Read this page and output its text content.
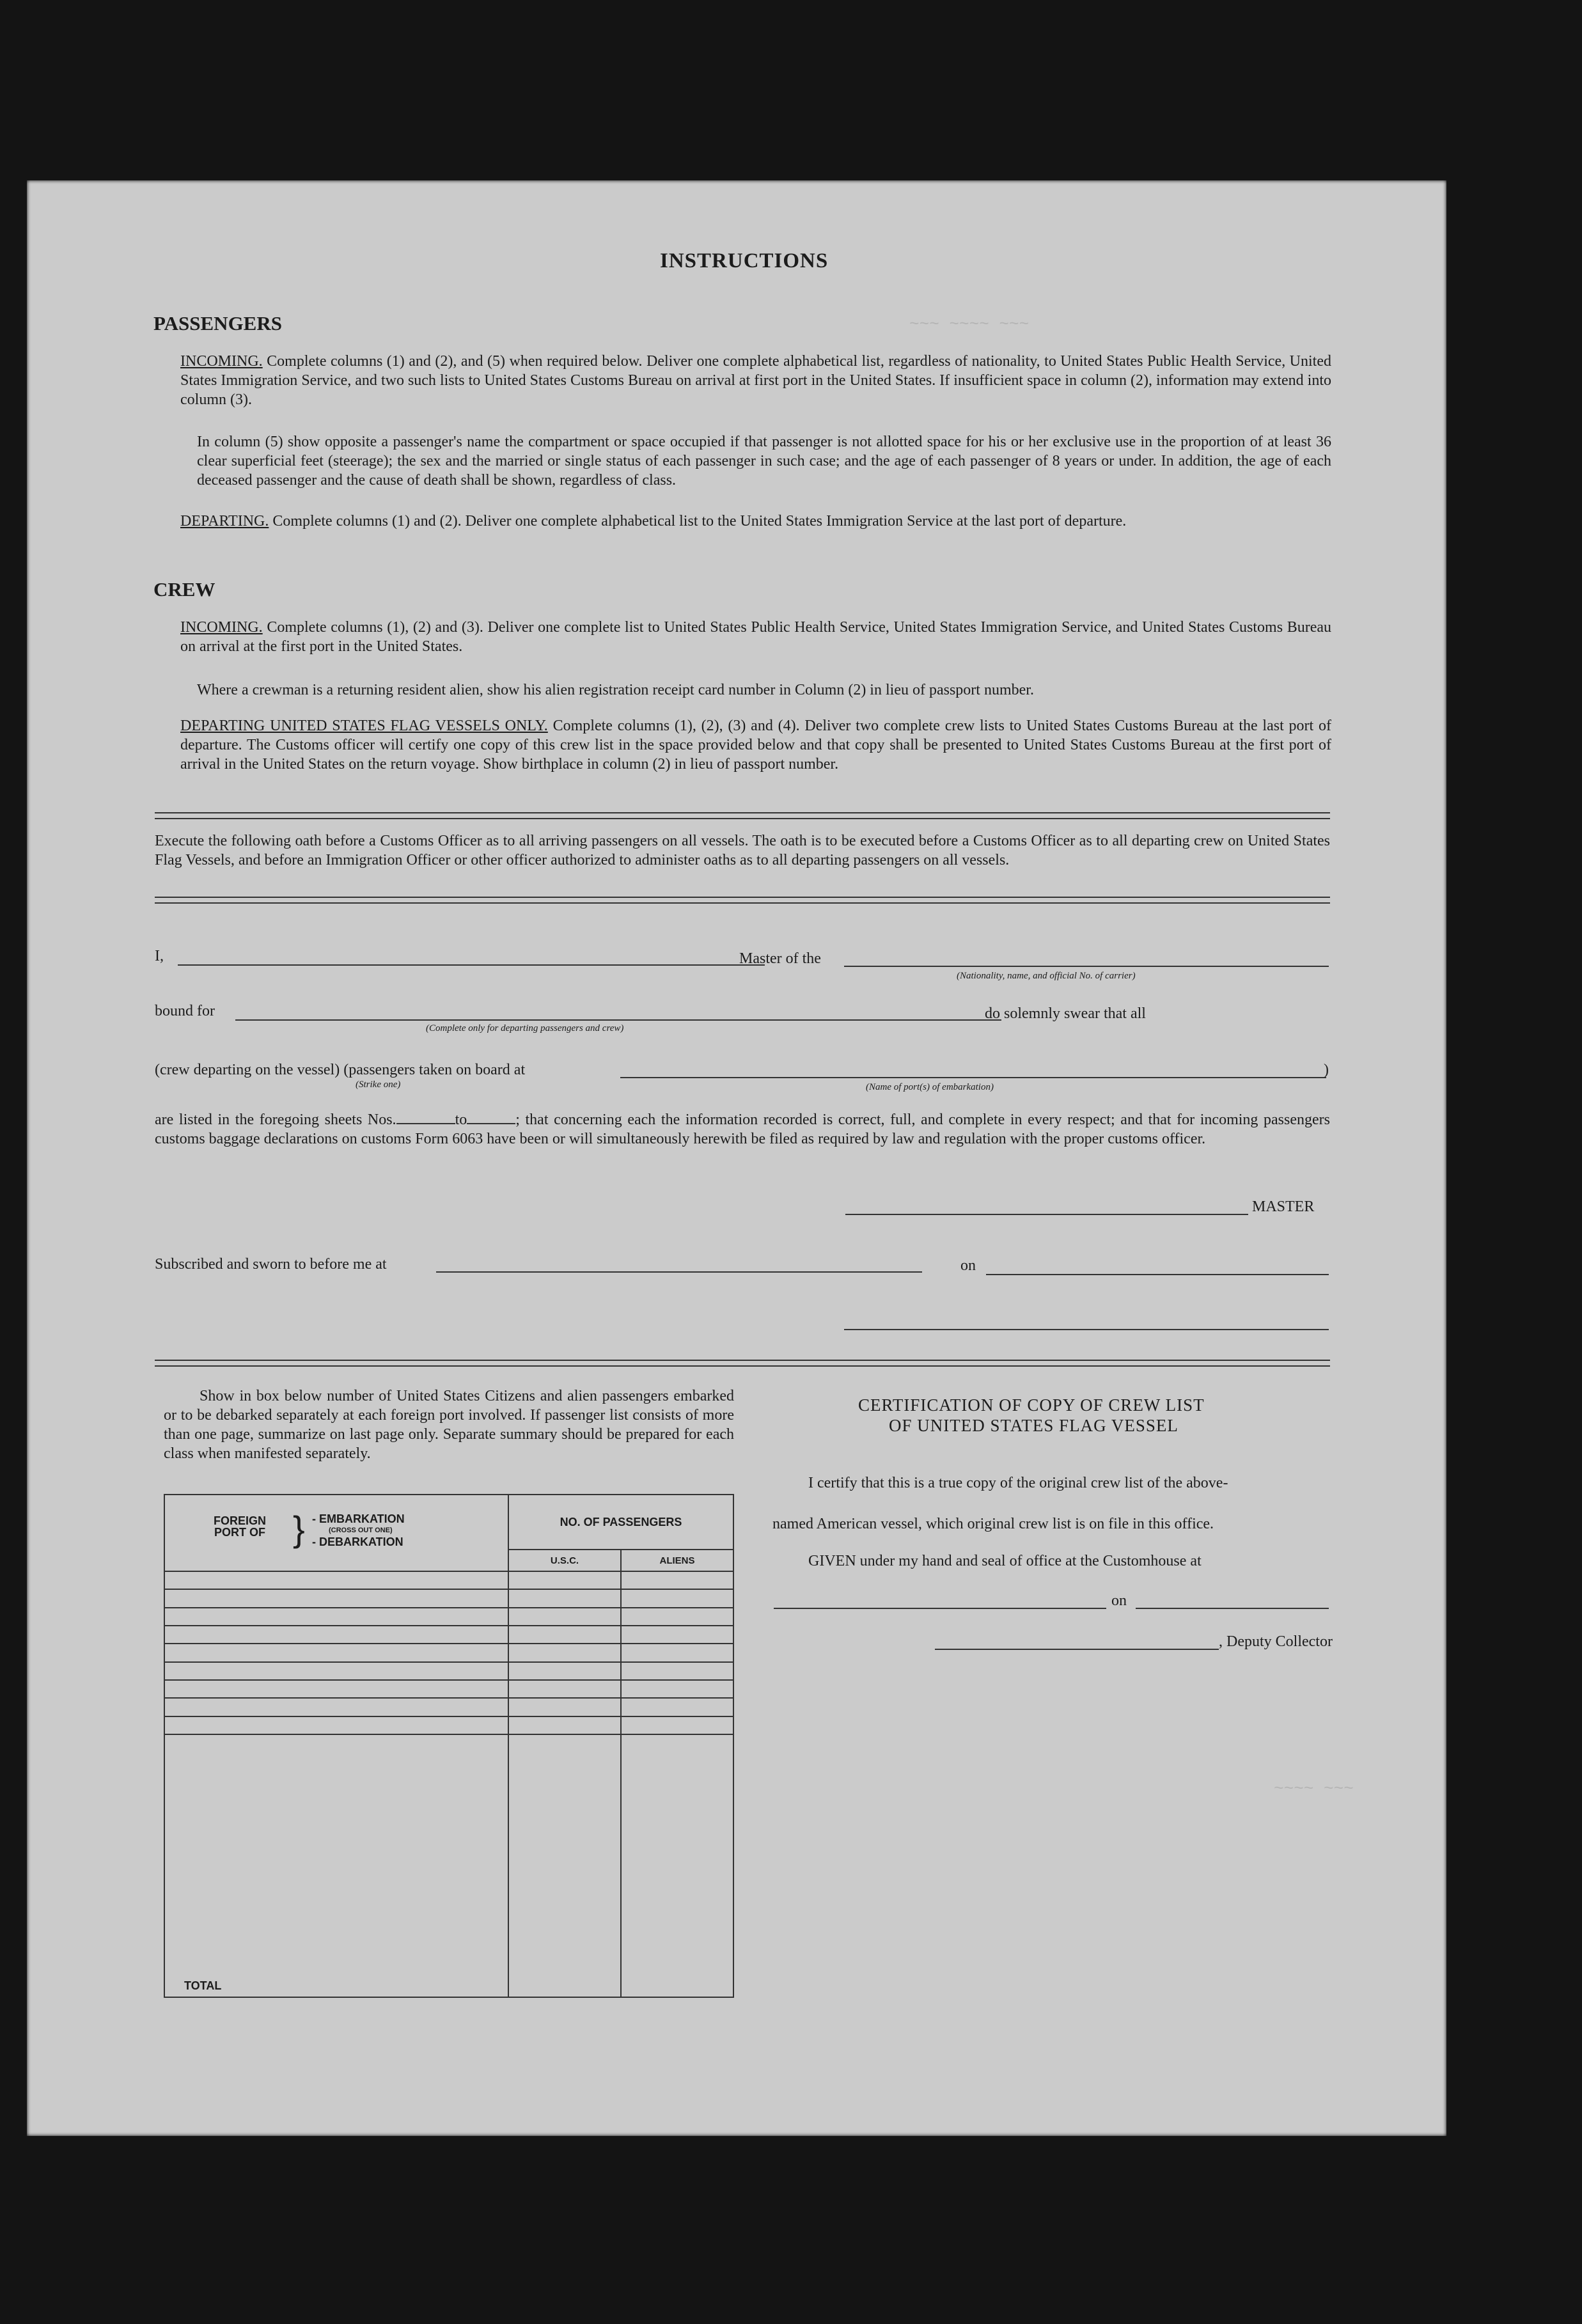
~~~ ~~~~ ~~~
~~~~ ~~~
INSTRUCTIONS
PASSENGERS
INCOMING. Complete columns (1) and (2), and (5) when required below. Deliver one complete alphabetical list, regardless of nationality, to United States Public Health Service, United States Immigration Service, and two such lists to United States Customs Bureau on arrival at first port in the United States. If insufficient space in column (2), information may extend into column (3).
In column (5) show opposite a passenger's name the compartment or space occupied if that passenger is not allotted space for his or her exclusive use in the proportion of at least 36 clear superficial feet (steerage); the sex and the married or single status of each passenger in such case; and the age of each passenger of 8 years or under. In addition, the age of each deceased passenger and the cause of death shall be shown, regardless of class.
DEPARTING. Complete columns (1) and (2). Deliver one complete alphabetical list to the United States Immigration Service at the last port of departure.
CREW
INCOMING. Complete columns (1), (2) and (3). Deliver one complete list to United States Public Health Service, United States Immigration Service, and United States Customs Bureau on arrival at the first port in the United States.
Where a crewman is a returning resident alien, show his alien registration receipt card number in Column (2) in lieu of passport number.
DEPARTING UNITED STATES FLAG VESSELS ONLY. Complete columns (1), (2), (3) and (4). Deliver two complete crew lists to United States Customs Bureau at the last port of departure. The Customs officer will certify one copy of this crew list in the space provided below and that copy shall be presented to United States Customs Bureau at the first port of arrival in the United States on the return voyage. Show birthplace in column (2) in lieu of passport number.
Execute the following oath before a Customs Officer as to all arriving passengers on all vessels. The oath is to be executed before a Customs Officer as to all departing crew on United States Flag Vessels, and before an Immigration Officer or other officer authorized to administer oaths as to all departing passengers on all vessels.
I,	Master of the
(Nationality, name, and official No. of carrier)
bound for
(Complete only for departing passengers and crew)
do solemnly swear that all
(crew departing on the vessel) (passengers taken on board at
(Strike one)	(Name of port(s) of embarkation)
)
are listed in the foregoing sheets Nos.	to	; that concerning each the information recorded is correct, full, and complete in every respect; and that for incoming passengers customs baggage declarations on customs Form 6063 have been or will simultaneously herewith be filed as required by law and regulation with the proper customs officer.
MASTER
Subscribed and sworn to before me at	on
Show in box below number of United States Citizens and alien passengers embarked or to be debarked separately at each foreign port involved. If passenger list consists of more than one page, summarize on last page only. Separate summary should be prepared for each class when manifested separately.
FOREIGN PORT OF } - EMBARKATION
(CROSS OUT ONE)
- DEBARKATION	NO. OF PASSENGERS	
	U.S.C.	ALIENS

TOTAL		
CERTIFICATION OF COPY OF CREW LIST
OF UNITED STATES FLAG VESSEL
I certify that this is a true copy of the original crew list of the above-
named American vessel, which original crew list is on file in this office.
GIVEN under my hand and seal of office at the Customhouse at
on
, Deputy Collector
